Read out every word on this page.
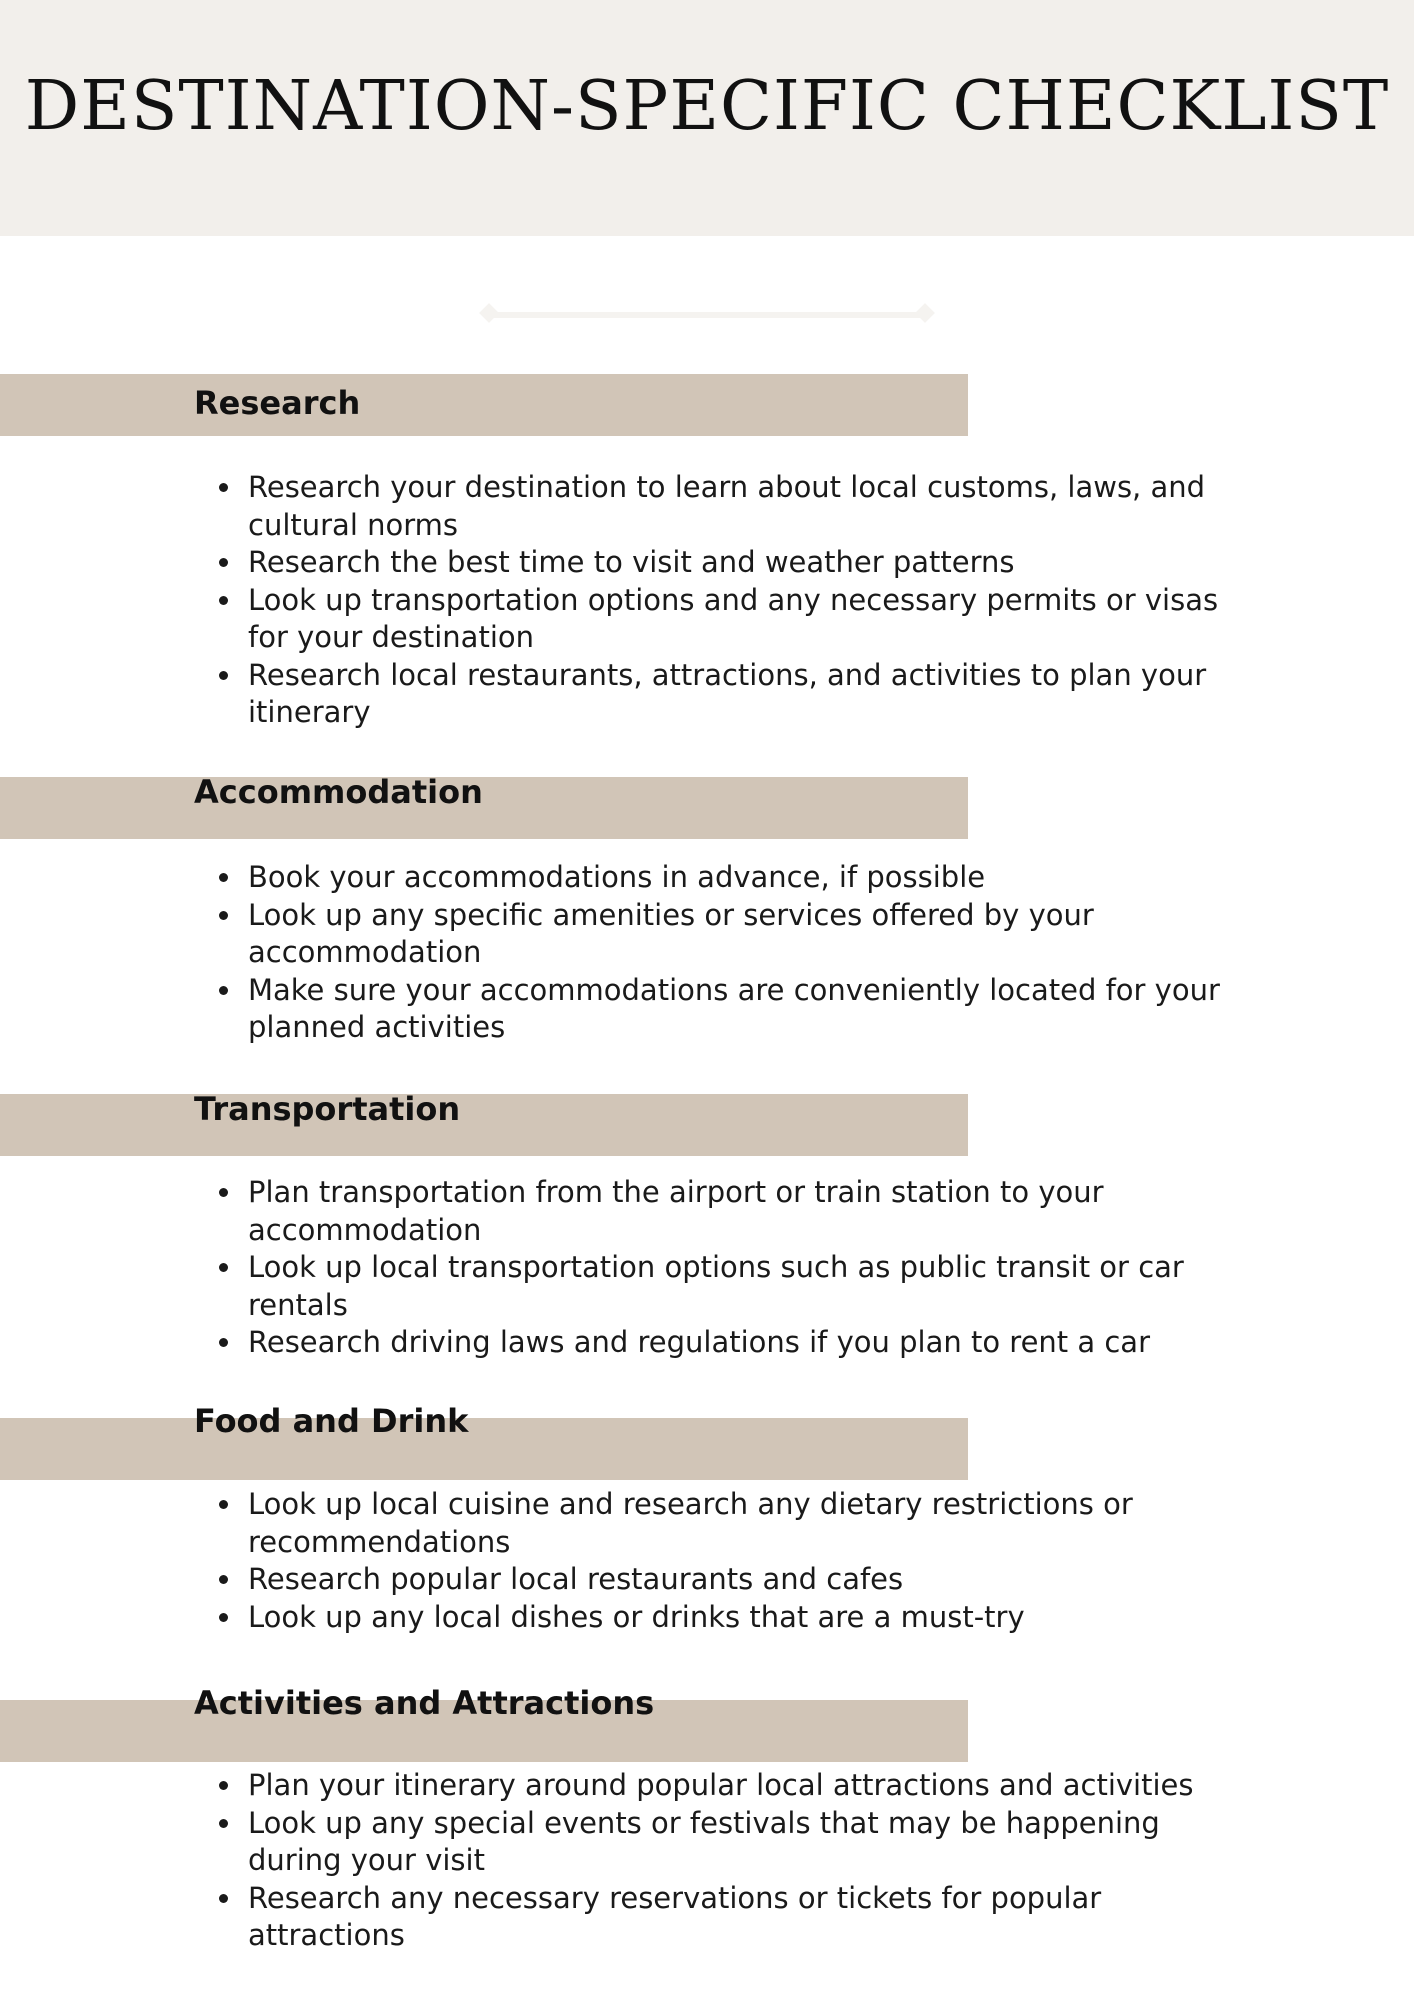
DESTINATION-SPECIFIC CHECKLIST
Research
• Research your destination to learn about local customs, laws, and cultural norms
• Research the best time to visit and weather patterns
• Look up transportation options and any necessary permits or visas for your destination
• Research local restaurants, attractions, and activities to plan your itinerary
Accommodation
• Book your accommodations in advance, if possible
• Look up any specific amenities or services offered by your accommodation
• Make sure your accommodations are conveniently located for your planned activities
Transportation
• Plan transportation from the airport or train station to your accommodation
• Look up local transportation options such as public transit or car rentals
• Research driving laws and regulations if you plan to rent a car
Food and Drink
• Look up local cuisine and research any dietary restrictions or recommendations
• Research popular local restaurants and cafes
• Look up any local dishes or drinks that are a must-try
Activities and Attractions
• Plan your itinerary around popular local attractions and activities
• Look up any special events or festivals that may be happening during your visit
• Research any necessary reservations or tickets for popular attractions
